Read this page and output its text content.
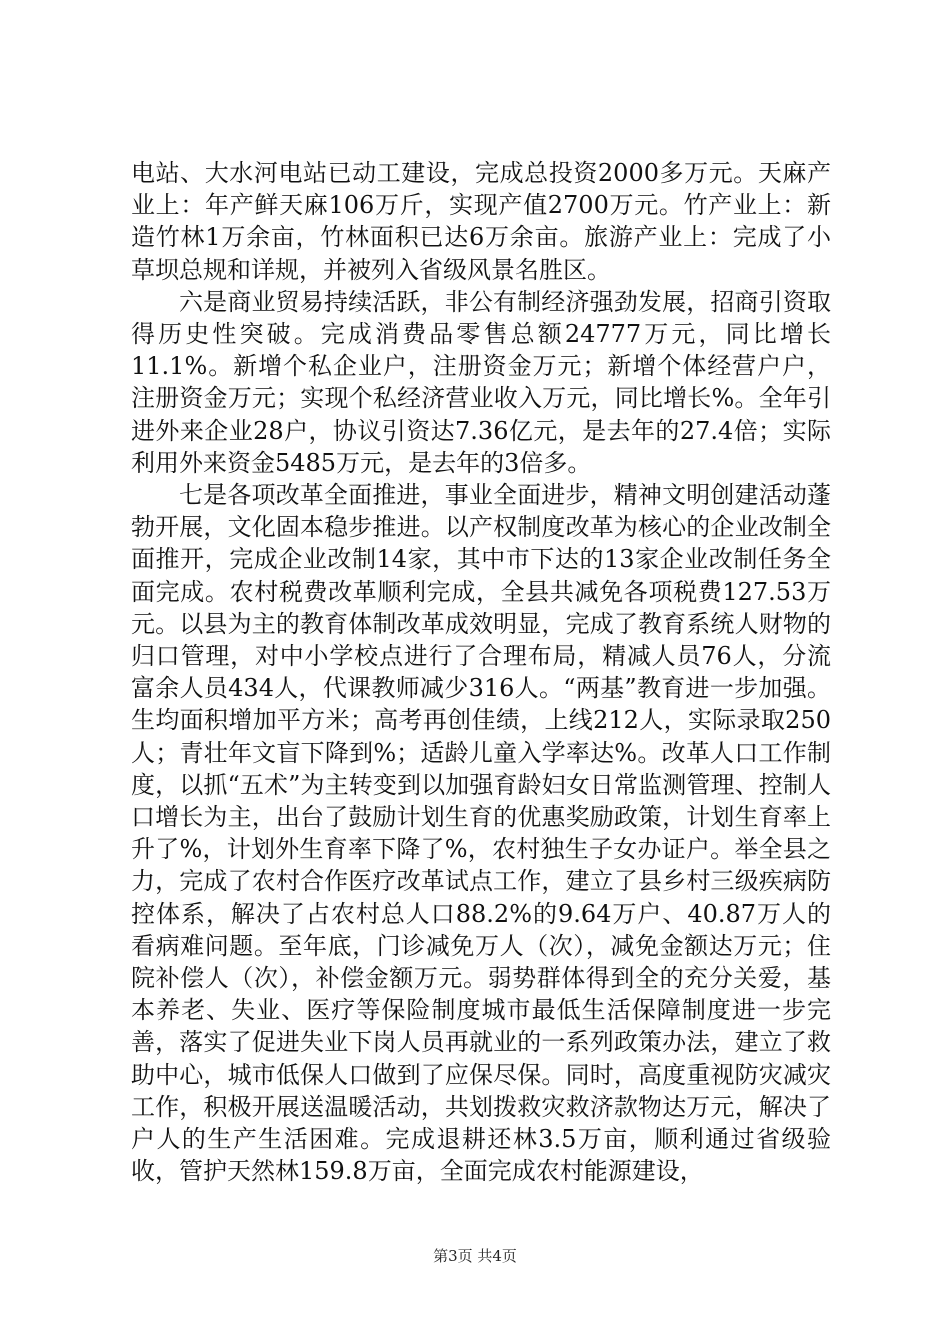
电站、大水河电站已动工建设，完成总投资2000多万元。天麻产业上：年产鲜天麻106万斤，实现产值2700万元。竹产业上：新造竹林1万余亩，竹林面积已达6万余亩。旅游产业上：完成了小草坝总规和详规，并被列入省级风景名胜区。

六是商业贸易持续活跃，非公有制经济强劲发展，招商引资取得历史性突破。完成消费品零售总额24777万元，同比增长11.1%。新增个私企业户，注册资金万元；新增个体经营户户，注册资金万元；实现个私经济营业收入万元，同比增长%。全年引进外来企业28户，协议引资达7.36亿元，是去年的27.4倍；实际利用外来资金5485万元，是去年的3倍多。

七是各项改革全面推进，事业全面进步，精神文明创建活动蓬勃开展，文化固本稳步推进。以产权制度改革为核心的企业改制全面推开，完成企业改制14家，其中市下达的13家企业改制任务全面完成。农村税费改革顺利完成，全县共减免各项税费127.53万元。以县为主的教育体制改革成效明显，完成了教育系统人财物的归口管理，对中小学校点进行了合理布局，精减人员76人，分流富余人员434人，代课教师减少316人。“两基”教育进一步加强。生均面积增加平方米；高考再创佳绩，上线212人，实际录取250人；青壮年文盲下降到%；适龄儿童入学率达%。改革人口工作制度，以抓“五术”为主转变到以加强育龄妇女日常监测管理、控制人口增长为主，出台了鼓励计划生育的优惠奖励政策，计划生育率上升了%，计划外生育率下降了%，农村独生子女办证户。举全县之力，完成了农村合作医疗改革试点工作，建立了县乡村三级疾病防控体系，解决了占农村总人口88.2%的9.64万户、40.87万人的看病难问题。至年底，门诊减免万人（次），减免金额达万元；住院补偿人（次），补偿金额万元。弱势群体得到全的充分关爱，基本养老、失业、医疗等保险制度城市最低生活保障制度进一步完善，落实了促进失业下岗人员再就业的一系列政策办法，建立了救助中心，城市低保人口做到了应保尽保。同时，高度重视防灾减灾工作，积极开展送温暖活动，共划拨救灾救济款物达万元，解决了户人的生产生活困难。完成退耕还林3.5万亩，顺利通过省级验收，管护天然林159.8万亩，全面完成农村能源建设，

第3页 共4页
